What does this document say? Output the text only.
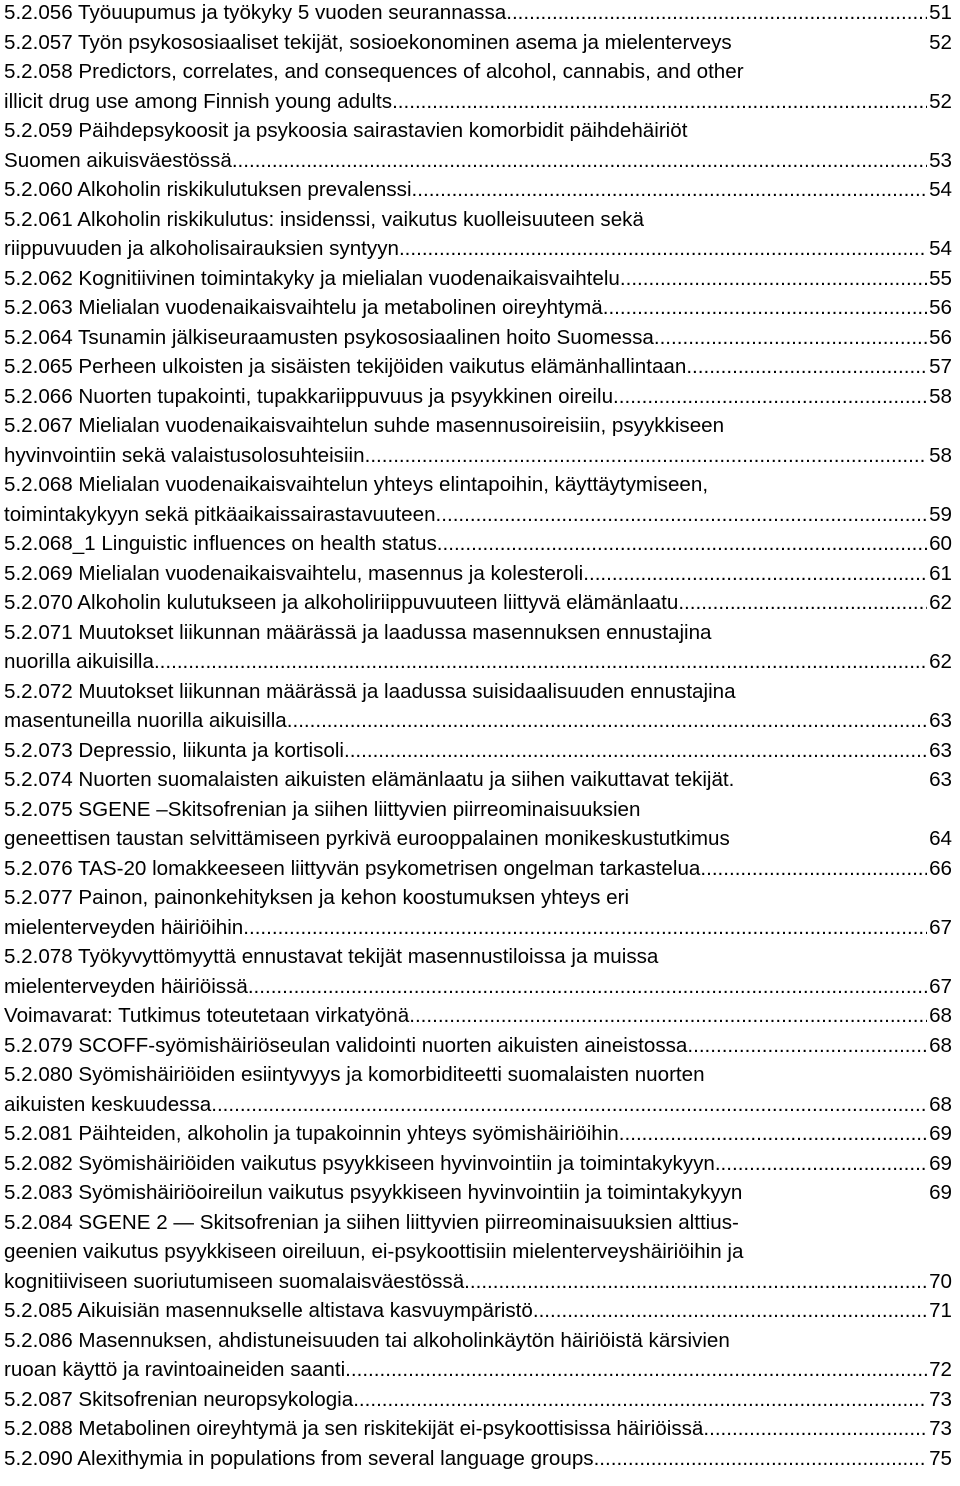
5.2.056 Työuupumus ja työkyky 5 vuoden seurannassa .....	51
5.2.057 Työn psykososiaaliset tekijät, sosioekonominen asema ja mielenterveys	52
5.2.058 Predictors, correlates, and consequences of alcohol, cannabis, and other
illicit drug use among Finnish young adults .....	52
5.2.059 Päihdepsykoosit ja psykoosia sairastavien komorbidit päihdehäiriöt
Suomen aikuisväestössä .....	53
5.2.060 Alkoholin riskikulutuksen prevalenssi .....	54
5.2.061 Alkoholin riskikulutus: insidenssi, vaikutus kuolleisuuteen sekä
riippuvuuden ja alkoholisairauksien syntyyn .....	54
5.2.062 Kognitiivinen toimintakyky ja mielialan vuodenaikaisvaihtelu .....	55
5.2.063 Mielialan vuodenaikaisvaihtelu ja metabolinen oireyhtymä .....	56
5.2.064 Tsunamin jälkiseuraamusten psykososiaalinen hoito Suomessa .....	56
5.2.065 Perheen ulkoisten ja sisäisten tekijöiden vaikutus elämänhallintaan .....	57
5.2.066 Nuorten tupakointi, tupakkariippuvuus ja psyykkinen oireilu .....	58
5.2.067 Mielialan vuodenaikaisvaihtelun suhde masennusoireisiin, psyykkiseen
hyvinvointiin sekä valaistusolosuhteisiin .....	58
5.2.068 Mielialan vuodenaikaisvaihtelun yhteys elintapoihin, käyttäytymiseen,
toimintakykyyn sekä pitkäaikaissairastavuuteen .....	59
5.2.068_1 Linguistic influences on health status .....	60
5.2.069 Mielialan vuodenaikaisvaihtelu, masennus ja kolesteroli .....	61
5.2.070 Alkoholin kulutukseen ja alkoholiriippuvuuteen liittyvä elämänlaatu .....	62
5.2.071 Muutokset liikunnan määrässä ja laadussa masennuksen ennustajina
nuorilla aikuisilla .....	62
5.2.072 Muutokset liikunnan määrässä ja laadussa suisidaalisuuden ennustajina
masentuneilla nuorilla aikuisilla .....	63
5.2.073 Depressio, liikunta ja kortisoli .....	63
5.2.074 Nuorten suomalaisten aikuisten elämänlaatu ja siihen vaikuttavat tekijät.	63
5.2.075 SGENE –Skitsofrenian ja siihen liittyvien piirreominaisuuksien
geneettisen taustan selvittämiseen pyrkivä eurooppalainen monikeskustutkimus	64
5.2.076 TAS-20 lomakkeeseen liittyvän psykometrisen ongelman tarkastelua .....	66
5.2.077 Painon, painonkehityksen ja kehon koostumuksen yhteys eri
mielenterveyden häiriöihin .....	67
5.2.078 Työkyvyttömyyttä ennustavat tekijät masennustiloissa ja muissa
mielenterveyden häiriöissä .....	67
Voimavarat: Tutkimus toteutetaan virkatyönä .....	68
5.2.079 SCOFF-syömishäiriöseulan validointi nuorten aikuisten aineistossa .....	68
5.2.080 Syömishäiriöiden esiintyvyys ja komorbiditeetti suomalaisten nuorten
aikuisten keskuudessa .....	68
5.2.081 Päihteiden, alkoholin ja tupakoinnin yhteys syömishäiriöihin .....	69
5.2.082 Syömishäiriöiden vaikutus psyykkiseen hyvinvointiin ja toimintakykyyn .....	69
5.2.083 Syömishäiriöoireilun vaikutus psyykkiseen hyvinvointiin ja toimintakykyyn	69
5.2.084 SGENE 2 — Skitsofrenian ja siihen liittyvien piirreominaisuuksien alttius-
geenien vaikutus psyykkiseen oireiluun, ei-psykoottisiin mielenterveyshäiriöihin ja
kognitiiviseen suoriutumiseen suomalaisväestössä .....	70
5.2.085 Aikuisiän masennukselle altistava kasvuympäristö .....	71
5.2.086 Masennuksen, ahdistuneisuuden tai alkoholinkäytön häiriöistä kärsivien
ruoan käyttö ja ravintoaineiden saanti .....	72
5.2.087 Skitsofrenian neuropsykologia .....	73
5.2.088 Metabolinen oireyhtymä ja sen riskitekijät ei-psykoottisissa häiriöissä .....	73
5.2.090 Alexithymia in populations from several language groups .....	75
